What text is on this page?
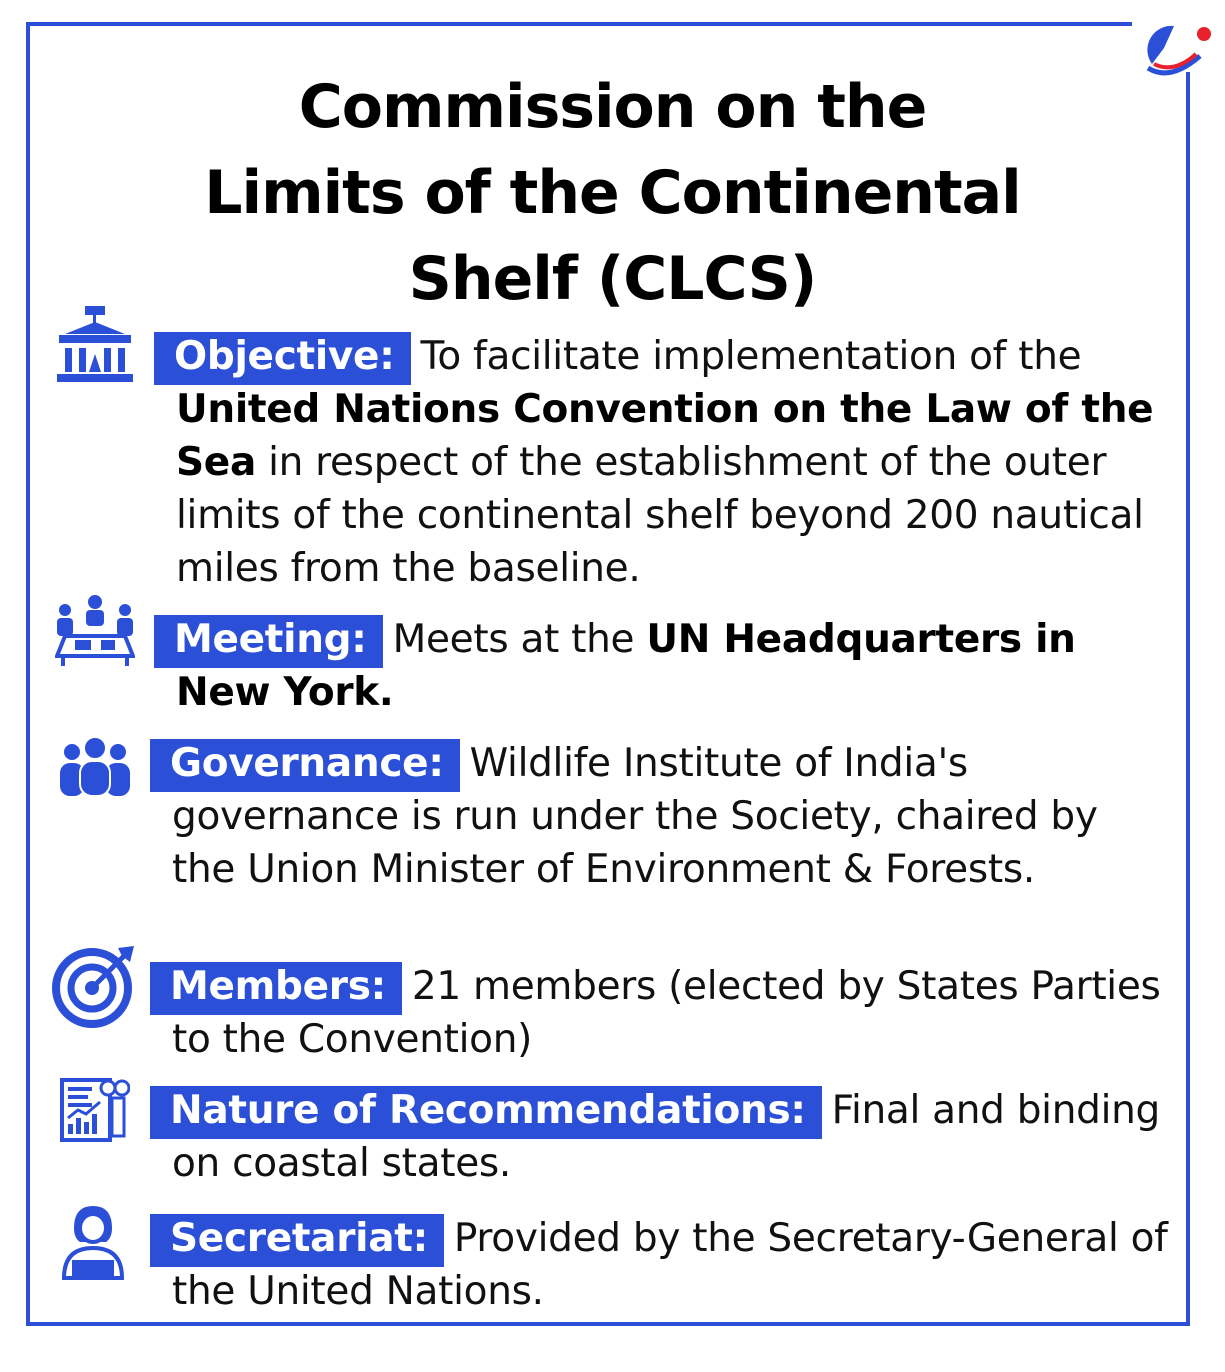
Commission on the
Limits of the Continental
Shelf (CLCS)

Objective: To facilitate implementation of the United Nations Convention on the Law of the Sea in respect of the establishment of the outer limits of the continental shelf beyond 200 nautical miles from the baseline.

Meeting: Meets at the UN Headquarters in New York.

Governance: Wildlife Institute of India's governance is run under the Society, chaired by the Union Minister of Environment & Forests.

Members: 21 members (elected by States Parties to the Convention)

Nature of Recommendations: Final and binding on coastal states.

Secretariat: Provided by the Secretary-General of the United Nations.
